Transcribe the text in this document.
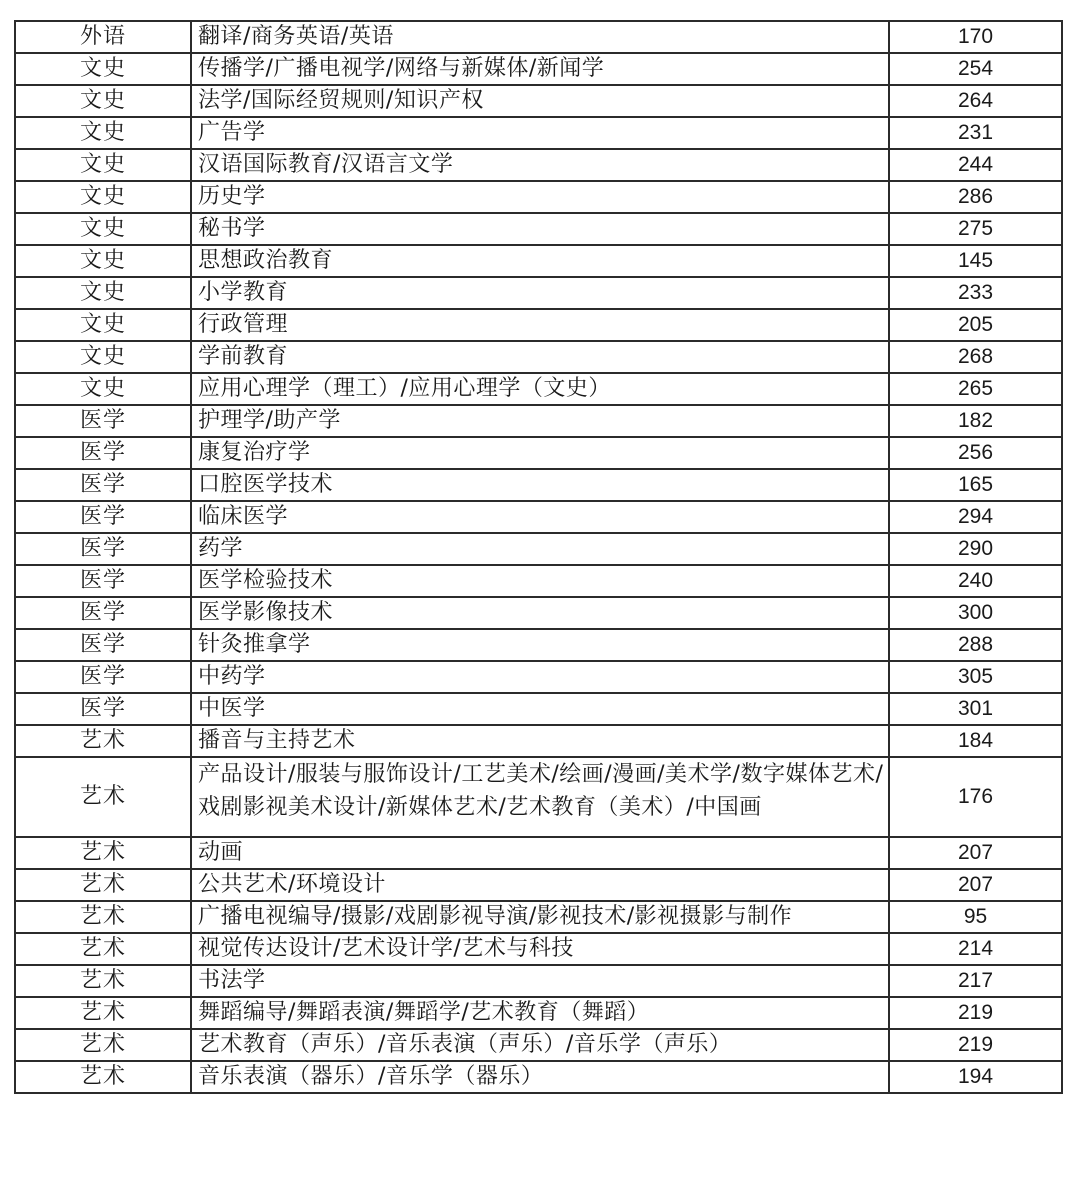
外语	翻译/商务英语/英语	170
文史	传播学/广播电视学/网络与新媒体/新闻学	254
文史	法学/国际经贸规则/知识产权	264
文史	广告学	231
文史	汉语国际教育/汉语言文学	244
文史	历史学	286
文史	秘书学	275
文史	思想政治教育	145
文史	小学教育	233
文史	行政管理	205
文史	学前教育	268
文史	应用心理学（理工）/应用心理学（文史）	265
医学	护理学/助产学	182
医学	康复治疗学	256
医学	口腔医学技术	165
医学	临床医学	294
医学	药学	290
医学	医学检验技术	240
医学	医学影像技术	300
医学	针灸推拿学	288
医学	中药学	305
医学	中医学	301
艺术	播音与主持艺术	184
艺术	产品设计/服装与服饰设计/工艺美术/绘画/漫画/美术学/数字媒体艺术/戏剧影视美术设计/新媒体艺术/艺术教育（美术）/中国画	176
艺术	动画	207
艺术	公共艺术/环境设计	207
艺术	广播电视编导/摄影/戏剧影视导演/影视技术/影视摄影与制作	95
艺术	视觉传达设计/艺术设计学/艺术与科技	214
艺术	书法学	217
艺术	舞蹈编导/舞蹈表演/舞蹈学/艺术教育（舞蹈）	219
艺术	艺术教育（声乐）/音乐表演（声乐）/音乐学（声乐）	219
艺术	音乐表演（器乐）/音乐学（器乐）	194
